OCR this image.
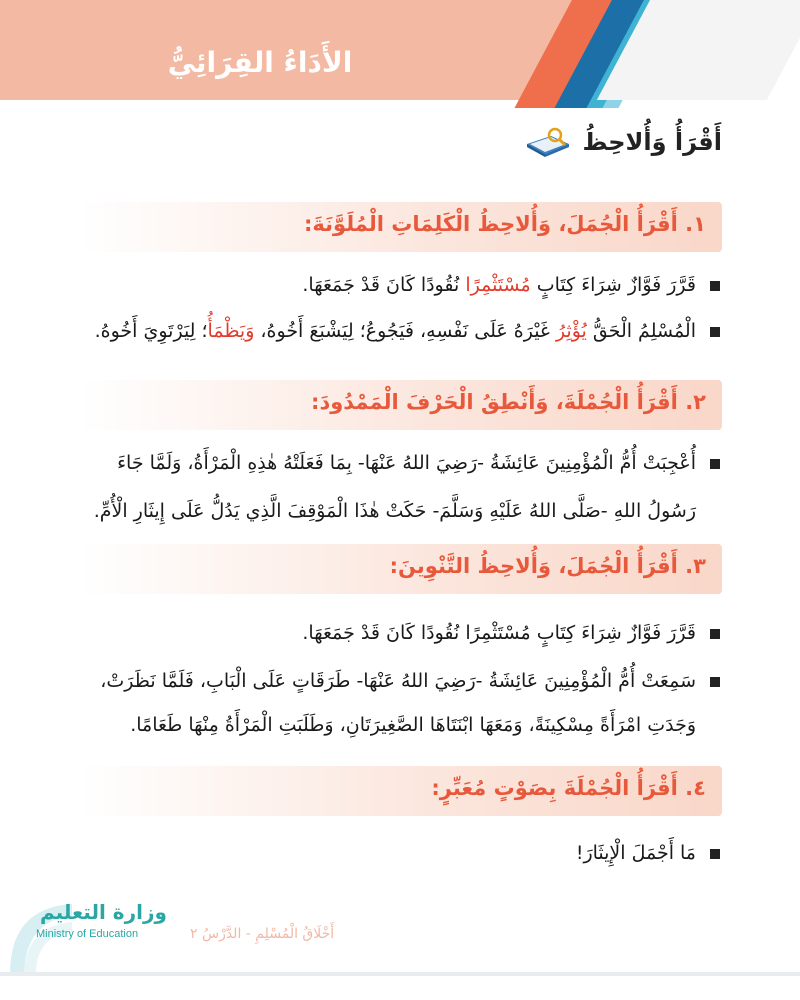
الأَدَاءُ القِرَائِيُّ
أَقْرَأُ وَأُلاحِظُ
١. أَقْرَأُ الْجُمَلَ، وَأُلاحِظُ الْكَلِمَاتِ الْمُلَوَّنَةَ:
قَرَّرَ فَوَّازٌ شِرَاءَ كِتَابٍ مُسْتَثْمِرًا نُقُودًا كَانَ قَدْ جَمَعَهَا.
الْمُسْلِمُ الْحَقُّ يُؤْثِرُ غَيْرَهُ عَلَى نَفْسِهِ، فَيَجُوعُ؛ لِيَشْبَعَ أَخُوهُ، وَيَظْمَأُ؛ لِيَرْتَوِيَ أَخُوهُ.
٢. أَقْرَأُ الْجُمْلَةَ، وَأَنْطِقُ الْحَرْفَ الْمَمْدُودَ:
أُعْجِبَتْ أُمُّ الْمُؤْمِنِينَ عَائِشَةُ -رَضِيَ اللهُ عَنْهَا- بِمَا فَعَلَتْهُ هٰذِهِ الْمَرْأَةُ، وَلَمَّا جَاءَ
رَسُولُ اللهِ -صَلَّى اللهُ عَلَيْهِ وَسَلَّمَ- حَكَتْ هٰذَا الْمَوْقِفَ الَّذِي يَدُلُّ عَلَى إِيثَارِ الْأُمِّ.
٣. أَقْرَأُ الْجُمَلَ، وَأُلاحِظُ التَّنْوِينَ:
قَرَّرَ فَوَّازٌ شِرَاءَ كِتَابٍ مُسْتَثْمِرًا نُقُودًا كَانَ قَدْ جَمَعَهَا.
سَمِعَتْ أُمُّ الْمُؤْمِنِينَ عَائِشَةُ -رَضِيَ اللهُ عَنْهَا- طَرَقَاتٍ عَلَى الْبَابِ، فَلَمَّا نَظَرَتْ،
وَجَدَتِ امْرَأَةً مِسْكِينَةً، وَمَعَهَا ابْنَتَاهَا الصَّغِيرَتَانِ، وَطَلَبَتِ الْمَرْأَةُ مِنْهَا طَعَامًا.
٤. أَقْرَأُ الْجُمْلَةَ بِصَوْتٍ مُعَبِّرٍ:
مَا أَجْمَلَ الْإِيثَارَ!
وزارة التعليم
Ministry of Education	أَخْلَاقُ الْمُسْلِمِ - الدَّرْسُ ٢
